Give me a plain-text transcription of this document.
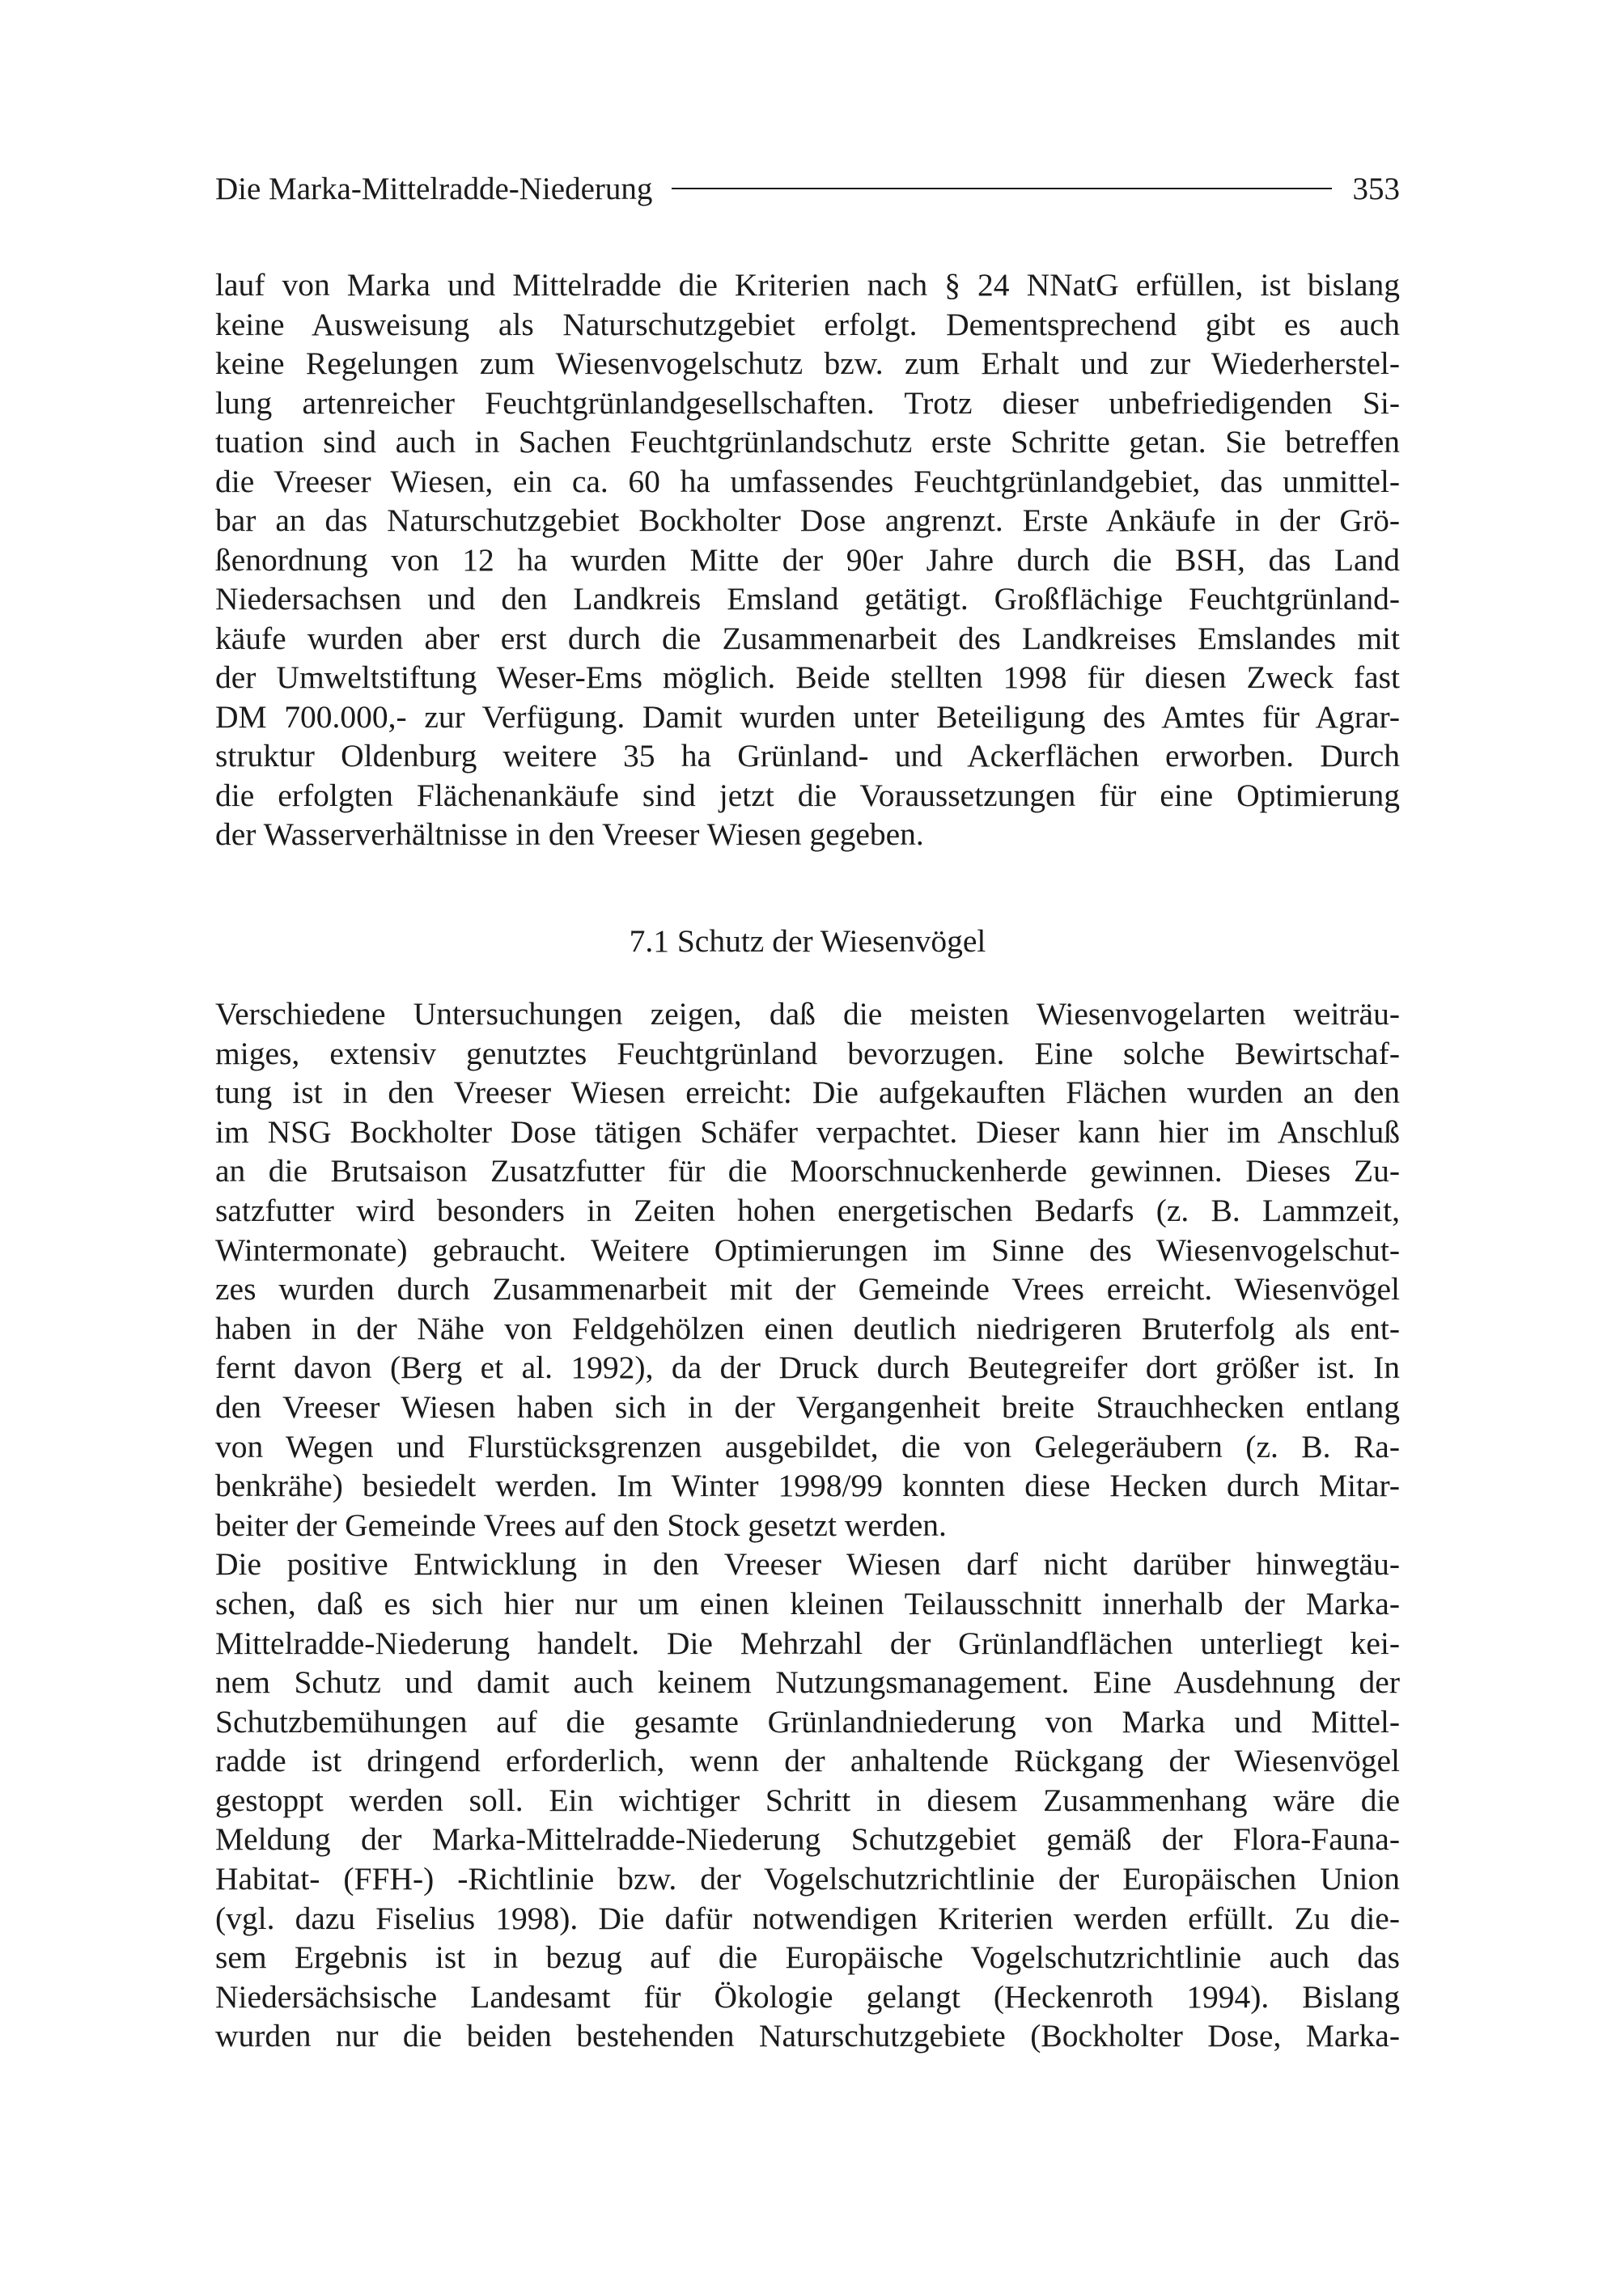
Die Marka-Mittelradde-Niederung	353
lauf von Marka und Mittelradde die Kriterien nach § 24 NNatG erfüllen, ist bislang
keine Ausweisung als Naturschutzgebiet erfolgt. Dementsprechend gibt es auch
keine Regelungen zum Wiesenvogelschutz bzw. zum Erhalt und zur Wiederherstel-
lung artenreicher Feuchtgrünlandgesellschaften. Trotz dieser unbefriedigenden Si-
tuation sind auch in Sachen Feuchtgrünlandschutz erste Schritte getan. Sie betreffen
die Vreeser Wiesen, ein ca. 60 ha umfassendes Feuchtgrünlandgebiet, das unmittel-
bar an das Naturschutzgebiet Bockholter Dose angrenzt. Erste Ankäufe in der Grö-
ßenordnung von 12 ha wurden Mitte der 90er Jahre durch die BSH, das Land
Niedersachsen und den Landkreis Emsland getätigt. Großflächige Feuchtgrünland-
käufe wurden aber erst durch die Zusammenarbeit des Landkreises Emslandes mit
der Umweltstiftung Weser-Ems möglich. Beide stellten 1998 für diesen Zweck fast
DM 700.000,- zur Verfügung. Damit wurden unter Beteiligung des Amtes für Agrar-
struktur Oldenburg weitere 35 ha Grünland- und Ackerflächen erworben. Durch
die erfolgten Flächenankäufe sind jetzt die Voraussetzungen für eine Optimierung
der Wasserverhältnisse in den Vreeser Wiesen gegeben.
7.1 Schutz der Wiesenvögel
Verschiedene Untersuchungen zeigen, daß die meisten Wiesenvogelarten weiträu-
miges, extensiv genutztes Feuchtgrünland bevorzugen. Eine solche Bewirtschaf-
tung ist in den Vreeser Wiesen erreicht: Die aufgekauften Flächen wurden an den
im NSG Bockholter Dose tätigen Schäfer verpachtet. Dieser kann hier im Anschluß
an die Brutsaison Zusatzfutter für die Moorschnuckenherde gewinnen. Dieses Zu-
satzfutter wird besonders in Zeiten hohen energetischen Bedarfs (z. B. Lammzeit,
Wintermonate) gebraucht. Weitere Optimierungen im Sinne des Wiesenvogelschut-
zes wurden durch Zusammenarbeit mit der Gemeinde Vrees erreicht. Wiesenvögel
haben in der Nähe von Feldgehölzen einen deutlich niedrigeren Bruterfolg als ent-
fernt davon (Berg et al. 1992), da der Druck durch Beutegreifer dort größer ist. In
den Vreeser Wiesen haben sich in der Vergangenheit breite Strauchhecken entlang
von Wegen und Flurstücksgrenzen ausgebildet, die von Gelegeräubern (z. B. Ra-
benkrähe) besiedelt werden. Im Winter 1998/99 konnten diese Hecken durch Mitar-
beiter der Gemeinde Vrees auf den Stock gesetzt werden.
Die positive Entwicklung in den Vreeser Wiesen darf nicht darüber hinwegtäu-
schen, daß es sich hier nur um einen kleinen Teilausschnitt innerhalb der Marka-
Mittelradde-Niederung handelt. Die Mehrzahl der Grünlandflächen unterliegt kei-
nem Schutz und damit auch keinem Nutzungsmanagement. Eine Ausdehnung der
Schutzbemühungen auf die gesamte Grünlandniederung von Marka und Mittel-
radde ist dringend erforderlich, wenn der anhaltende Rückgang der Wiesenvögel
gestoppt werden soll. Ein wichtiger Schritt in diesem Zusammenhang wäre die
Meldung der Marka-Mittelradde-Niederung Schutzgebiet gemäß der Flora-Fauna-
Habitat- (FFH-) -Richtlinie bzw. der Vogelschutzrichtlinie der Europäischen Union
(vgl. dazu Fiselius 1998). Die dafür notwendigen Kriterien werden erfüllt. Zu die-
sem Ergebnis ist in bezug auf die Europäische Vogelschutzrichtlinie auch das
Niedersächsische Landesamt für Ökologie gelangt (Heckenroth 1994). Bislang
wurden nur die beiden bestehenden Naturschutzgebiete (Bockholter Dose, Marka-
